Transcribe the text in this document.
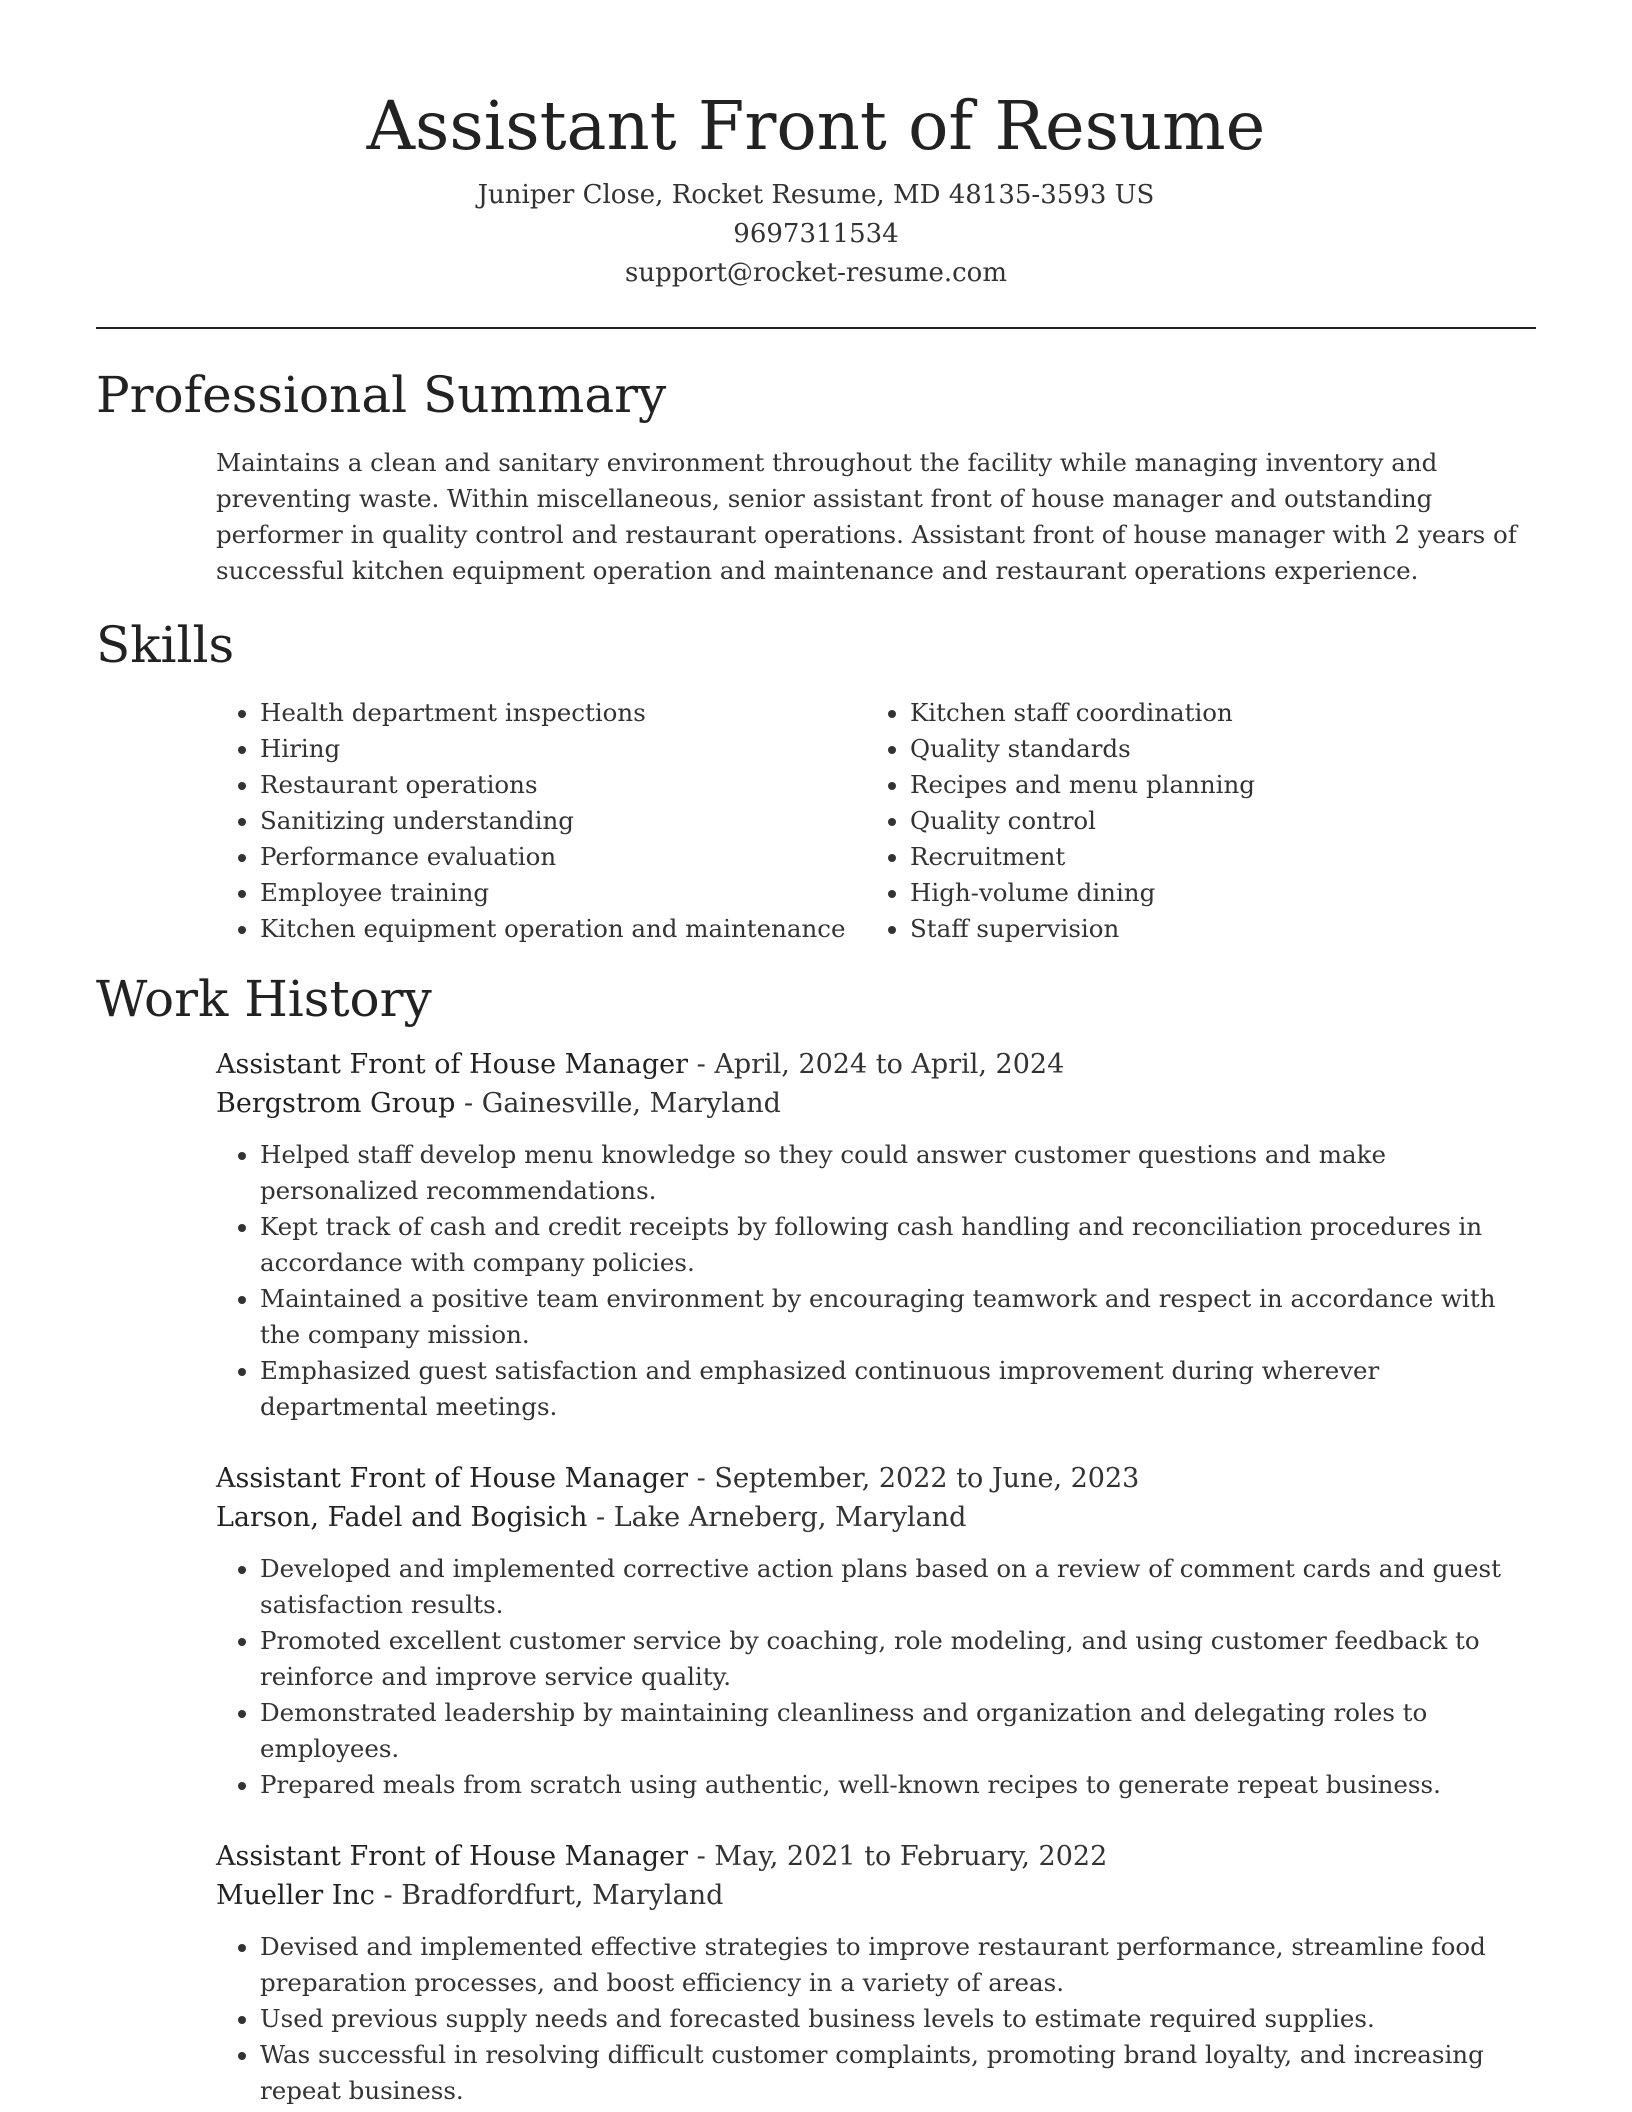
Assistant Front of Resume
Juniper Close, Rocket Resume, MD 48135-3593 US
9697311534
support@rocket-resume.com
Professional Summary

Maintains a clean and sanitary environment throughout the facility while managing inventory and preventing waste. Within miscellaneous, senior assistant front of house manager and outstanding performer in quality control and restaurant operations. Assistant front of house manager with 2 years of successful kitchen equipment operation and maintenance and restaurant operations experience.

Skills
• Health department inspections
• Hiring
• Restaurant operations
• Sanitizing understanding
• Performance evaluation
• Employee training
• Kitchen equipment operation and maintenance
• Kitchen staff coordination
• Quality standards
• Recipes and menu planning
• Quality control
• Recruitment
• High-volume dining
• Staff supervision
Work History
Assistant Front of House Manager - April, 2024 to April, 2024
Bergstrom Group - Gainesville, Maryland
• Helped staff develop menu knowledge so they could answer customer questions and make personalized recommendations.
• Kept track of cash and credit receipts by following cash handling and reconciliation procedures in accordance with company policies.
• Maintained a positive team environment by encouraging teamwork and respect in accordance with the company mission.
• Emphasized guest satisfaction and emphasized continuous improvement during wherever departmental meetings.
Assistant Front of House Manager - September, 2022 to June, 2023
Larson, Fadel and Bogisich - Lake Arneberg, Maryland
• Developed and implemented corrective action plans based on a review of comment cards and guest satisfaction results.
• Promoted excellent customer service by coaching, role modeling, and using customer feedback to reinforce and improve service quality.
• Demonstrated leadership by maintaining cleanliness and organization and delegating roles to employees.
• Prepared meals from scratch using authentic, well-known recipes to generate repeat business.
Assistant Front of House Manager - May, 2021 to February, 2022
Mueller Inc - Bradfordfurt, Maryland
• Devised and implemented effective strategies to improve restaurant performance, streamline food preparation processes, and boost efficiency in a variety of areas.
• Used previous supply needs and forecasted business levels to estimate required supplies.
• Was successful in resolving difficult customer complaints, promoting brand loyalty, and increasing repeat business.
